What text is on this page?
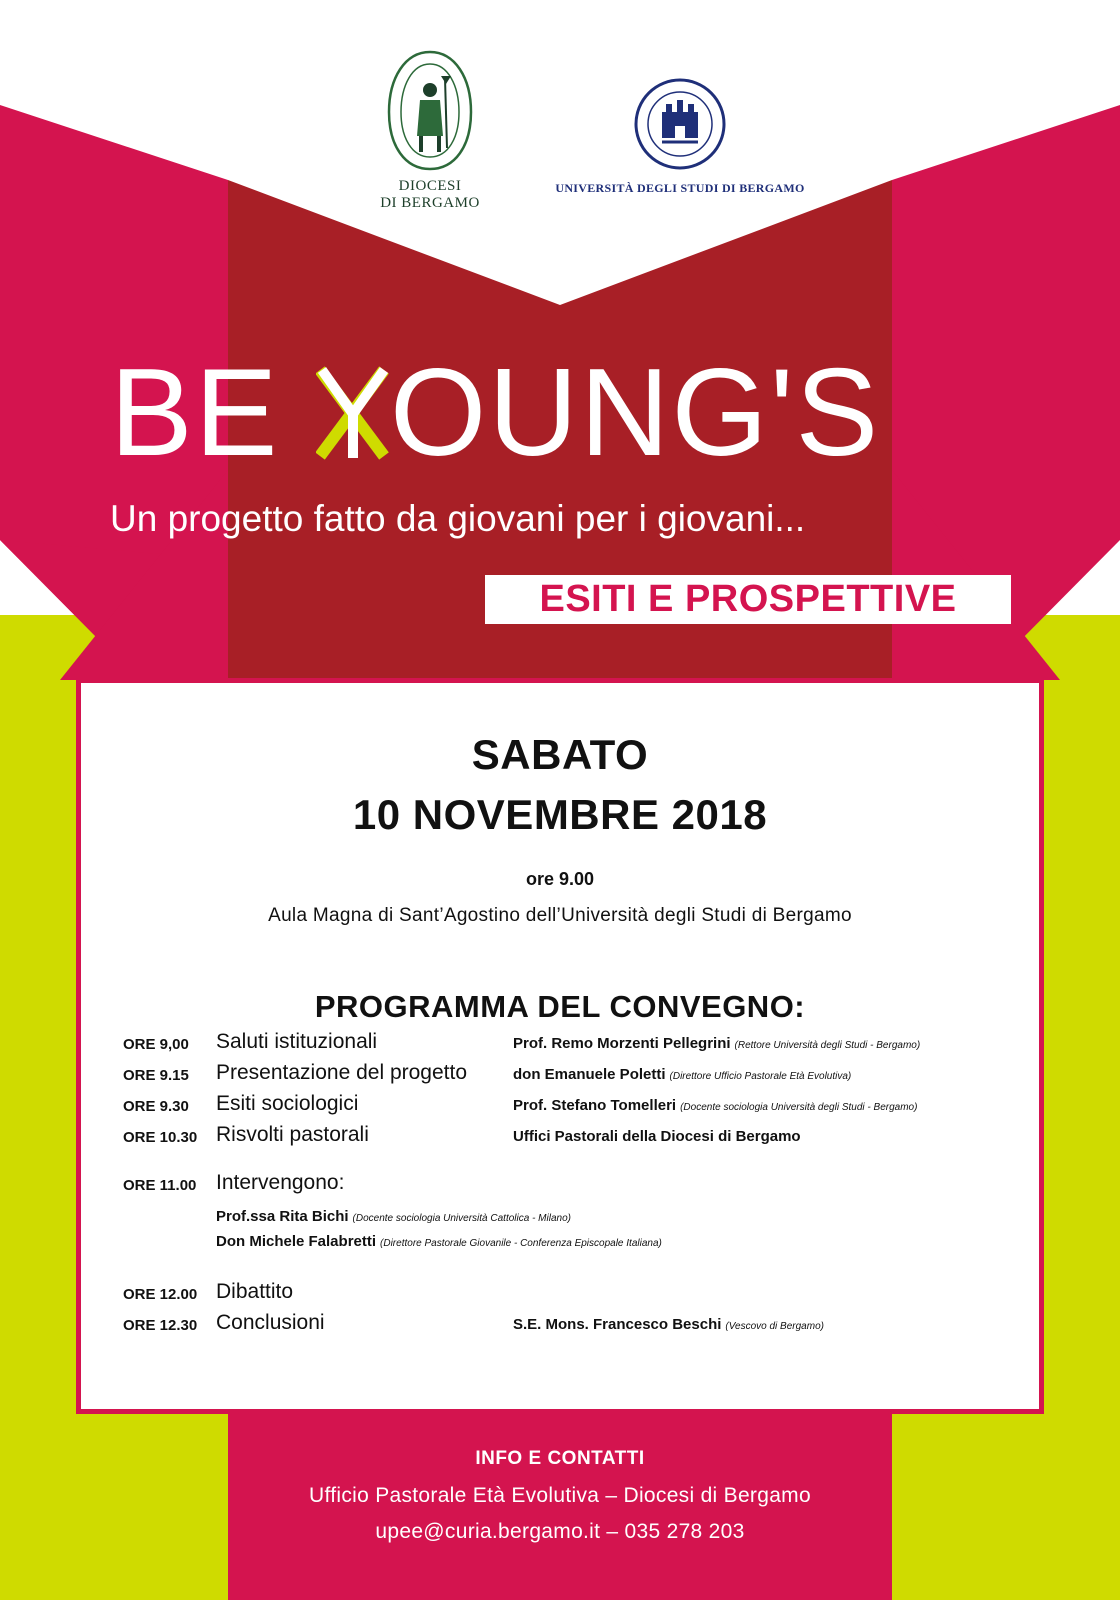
DIOCESI
DI BERGAMO
UNIVERSITÀ DEGLI STUDI DI BERGAMO
BE OUNG'S
Un progetto fatto da giovani per i giovani...
ESITI E PROSPETTIVE
SABATO
10 NOVEMBRE 2018
ore 9.00
Aula Magna di Sant’Agostino dell’Università degli Studi di Bergamo
PROGRAMMA DEL CONVEGNO:
ORE 9,00 Saluti istituzionali	Prof. Remo Morzenti Pellegrini (Rettore Università degli Studi - Bergamo)
ORE 9.15 Presentazione del progetto	don Emanuele Poletti (Direttore Ufficio Pastorale Età Evolutiva)
ORE 9.30 Esiti sociologici	Prof. Stefano Tomelleri (Docente sociologia Università degli Studi - Bergamo)
ORE 10.30 Risvolti pastorali	Uffici Pastorali della Diocesi di Bergamo
ORE 11.00 Intervengono:
Prof.ssa Rita Bichi (Docente sociologia Università Cattolica - Milano)
Don Michele Falabretti (Direttore Pastorale Giovanile - Conferenza Episcopale Italiana)
ORE 12.00 Dibattito
ORE 12.30 Conclusioni	S.E. Mons. Francesco Beschi (Vescovo di Bergamo)
INFO E CONTATTI
Ufficio Pastorale Età Evolutiva – Diocesi di Bergamo
upee@curia.bergamo.it – 035 278 203
